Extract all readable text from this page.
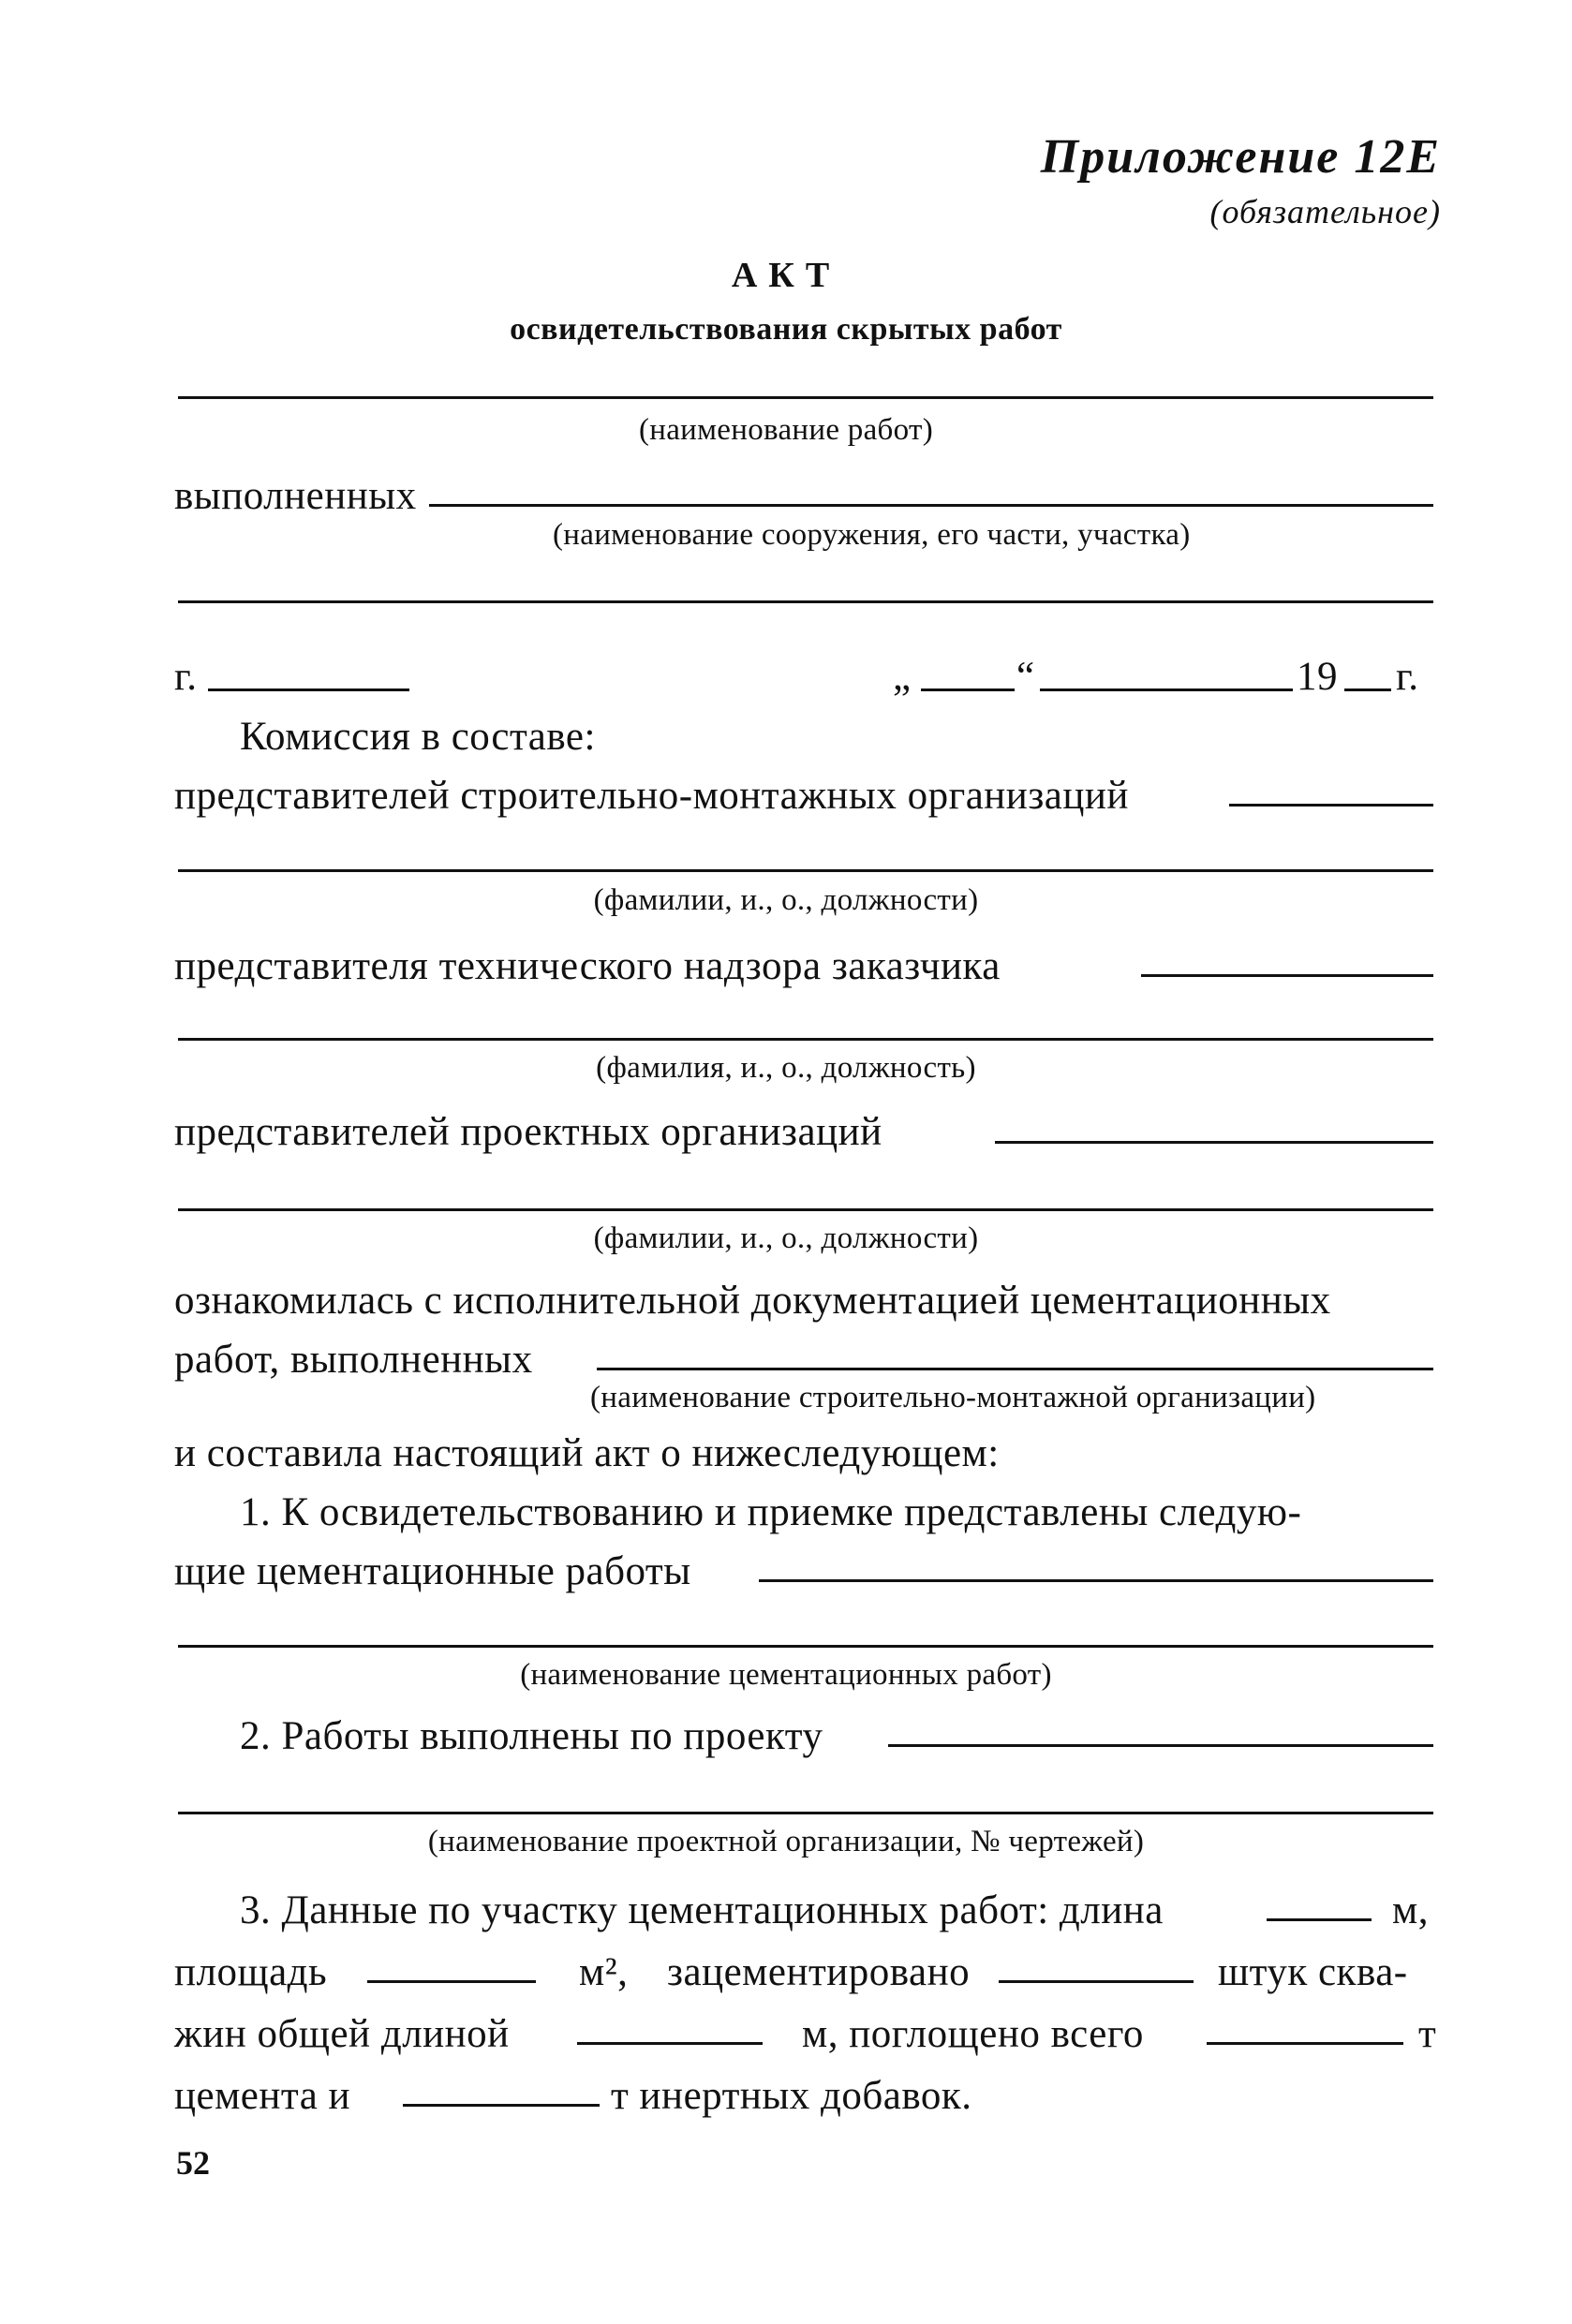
Приложение 12Е
(обязательное)
АКТ
освидетельствования скрытых работ
(наименование работ)
выполненных
(наименование сооружения, его части, участка)
г.	„	“	19 г.
Комиссия в составе:
представителей строительно-монтажных организаций
(фамилии, и., о., должности)
представителя технического надзора заказчика
(фамилия, и., о., должность)
представителей проектных организаций
(фамилии, и., о., должности)
ознакомилась с исполнительной документацией цементационных
работ, выполненных
(наименование строительно-монтажной организации)
и составила настоящий акт о нижеследующем:
1. К освидетельствованию и приемке представлены следую-
щие цементационные работы
(наименование цементационных работ)
2. Работы выполнены по проекту
(наименование проектной организации, № чертежей)
3. Данные по участку цементационных работ: длина	м,
площадь	м², зацементировано	штук сква-
жин общей длиной	м, поглощено всего	т
цемента и	т инертных добавок.
52
